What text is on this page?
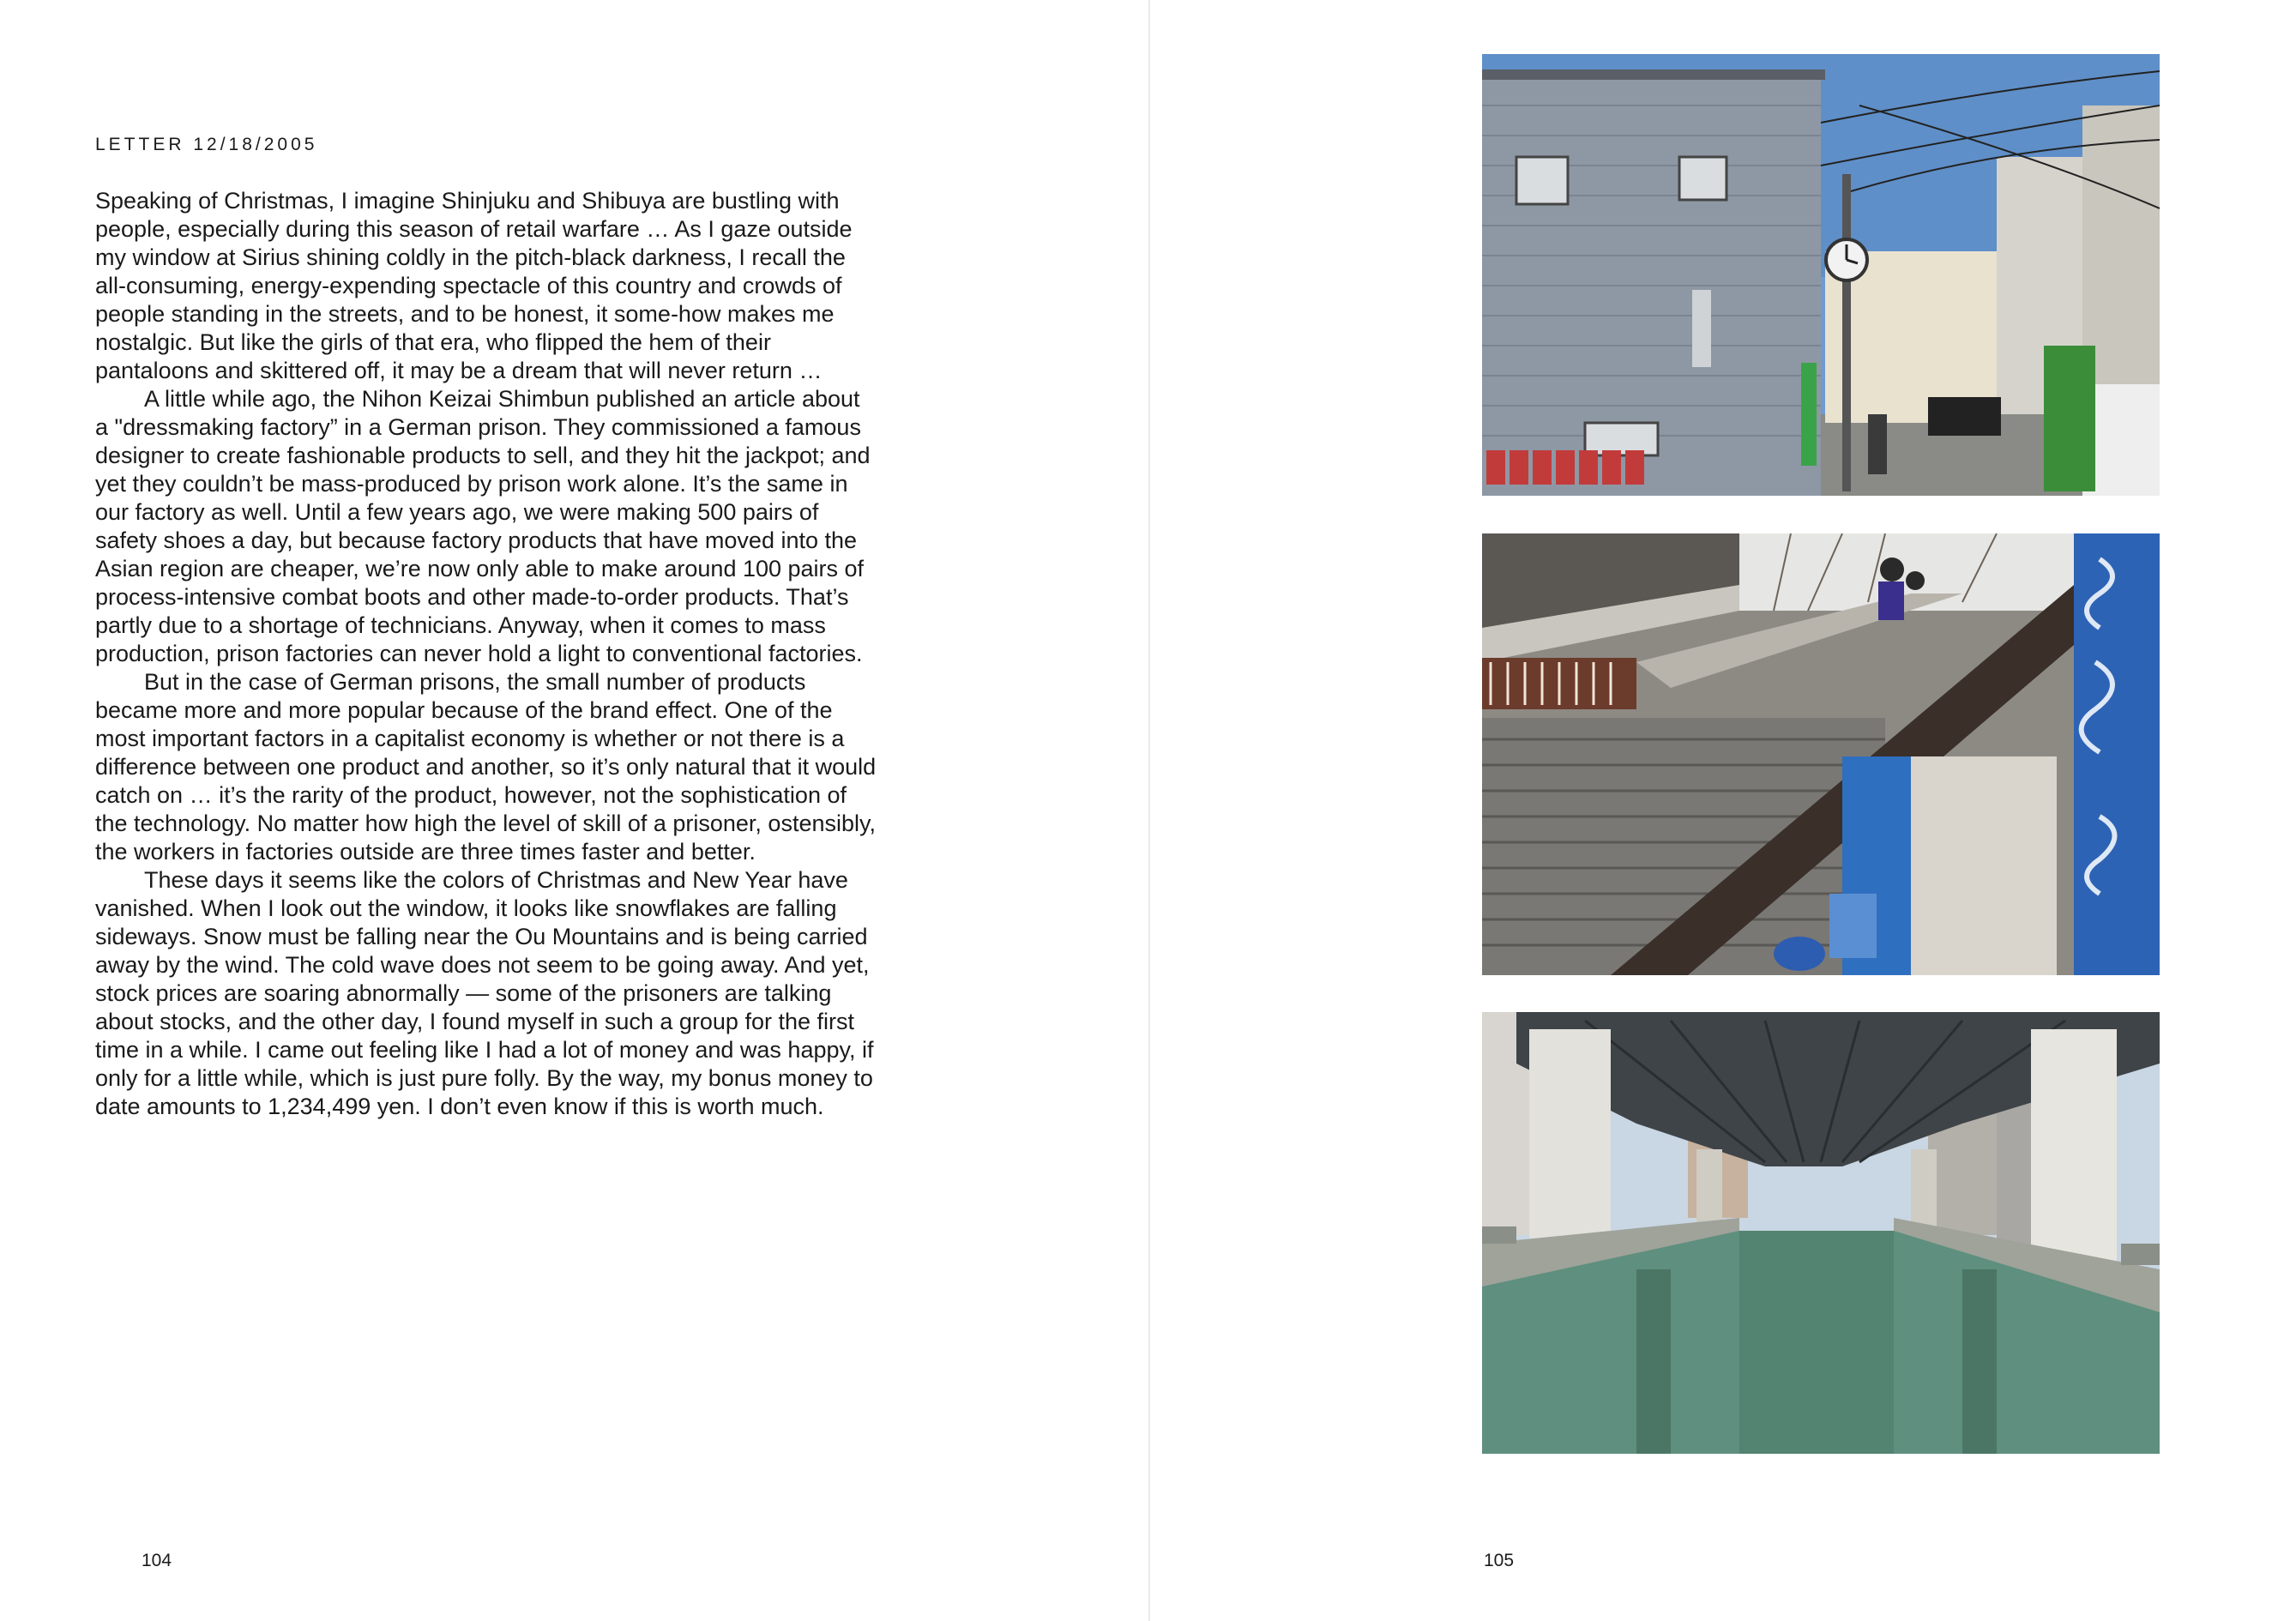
LETTER 12/18/2005

Speaking of Christmas, I imagine Shinjuku and Shibuya are bustling with people, especially during this season of retail warfare … As I gaze outside my window at Sirius shining coldly in the pitch-black darkness, I recall the all-consuming, energy-expending spectacle of this country and crowds of people standing in the streets, and to be honest, it some-how makes me nostalgic. But like the girls of that era, who flipped the hem of their pantaloons and skittered off, it may be a dream that will never return …

A little while ago, the Nihon Keizai Shimbun published an article about a "dressmaking factory” in a German prison. They commissioned a famous designer to create fashionable products to sell, and they hit the jackpot; and yet they couldn’t be mass-produced by prison work alone. It’s the same in our factory as well. Until a few years ago, we were making 500 pairs of safety shoes a day, but because factory products that have moved into the Asian region are cheaper, we’re now only able to make around 100 pairs of process-intensive combat boots and other made-to-order products. That’s partly due to a shortage of technicians. Anyway, when it comes to mass production, prison factories can never hold a light to conventional factories.

But in the case of German prisons, the small number of products became more and more popular because of the brand effect. One of the most important factors in a capitalist economy is whether or not there is a difference between one product and another, so it’s only natural that it would catch on … it’s the rarity of the product, however, not the sophistication of the technology. No matter how high the level of skill of a prisoner, ostensibly, the workers in factories outside are three times faster and better.

These days it seems like the colors of Christmas and New Year have vanished. When I look out the window, it looks like snowflakes are falling sideways. Snow must be falling near the Ou Mountains and is being carried away by the wind. The cold wave does not seem to be going away. And yet, stock prices are soaring abnormally — some of the prisoners are talking about stocks, and the other day, I found myself in such a group for the first time in a while. I came out feeling like I had a lot of money and was happy, if only for a little while, which is just pure folly. By the way, my bonus money to date amounts to 1,234,499 yen. I don’t even know if this is worth much.

104	105
